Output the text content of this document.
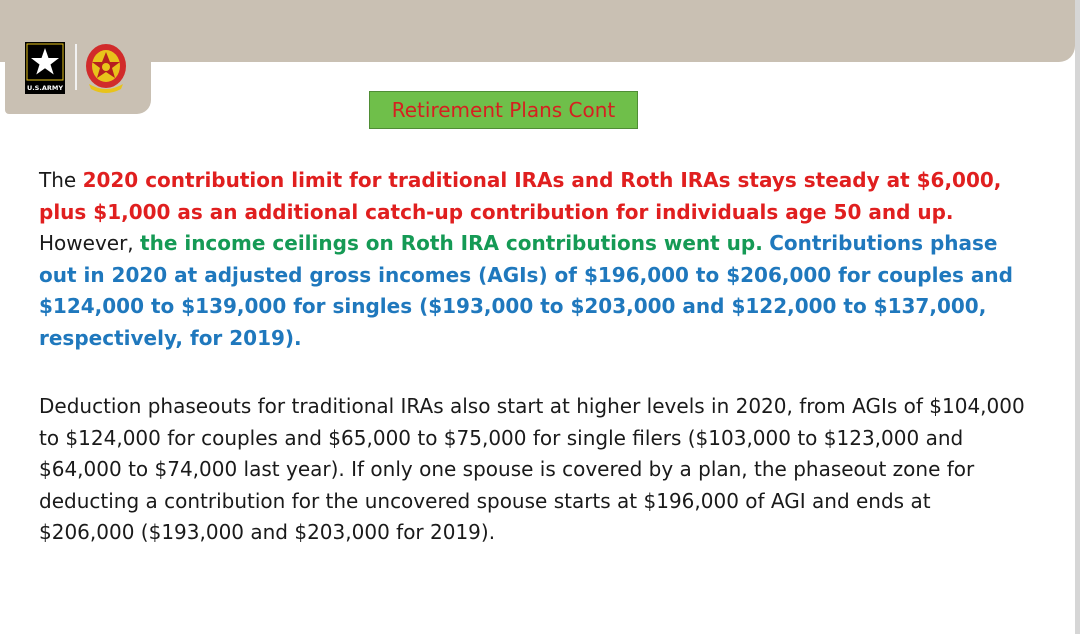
U.S.ARMY
Retirement Plans Cont

The 2020 contribution limit for traditional IRAs and Roth IRAs stays steady at $6,000, plus $1,000 as an additional catch-up contribution for individuals age 50 and up. However, the income ceilings on Roth IRA contributions went up. Contributions phase out in 2020 at adjusted gross incomes (AGIs) of $196,000 to $206,000 for couples and $124,000 to $139,000 for singles ($193,000 to $203,000 and $122,000 to $137,000, respectively, for 2019).

Deduction phaseouts for traditional IRAs also start at higher levels in 2020, from AGIs of $104,000 to $124,000 for couples and $65,000 to $75,000 for single filers ($103,000 to $123,000 and $64,000 to $74,000 last year). If only one spouse is covered by a plan, the phaseout zone for deducting a contribution for the uncovered spouse starts at $196,000 of AGI and ends at $206,000 ($193,000 and $203,000 for 2019).
